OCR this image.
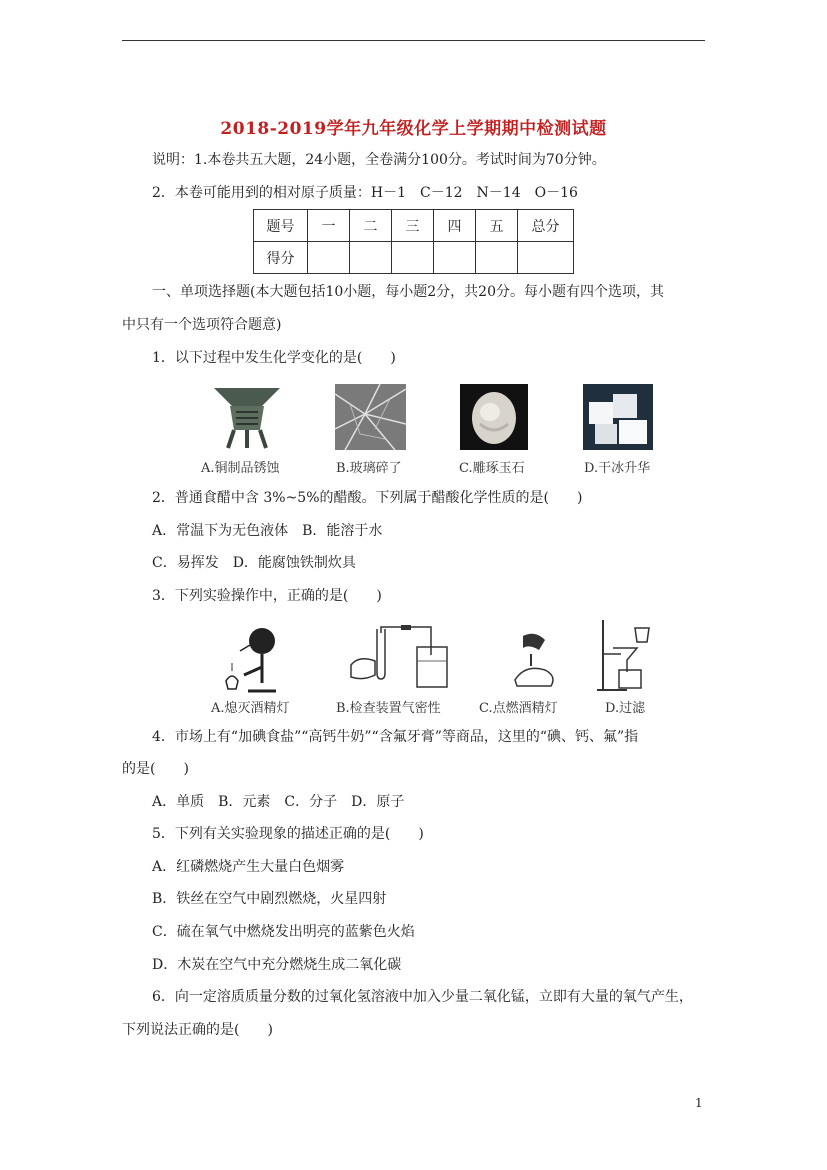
2018-2019学年九年级化学上学期期中检测试题
说明：1.本卷共五大题，24小题，全卷满分100分。考试时间为70分钟。
2．本卷可能用到的相对原子质量：H－1　C－12　N－14　O－16
题号	一	二	三	四	五	总分
得分						
一、单项选择题(本大题包括10小题，每小题2分，共20分。每小题有四个选项，其
中只有一个选项符合题意)
1．以下过程中发生化学变化的是(　　)
A.铜制品锈蚀	B.玻璃碎了	C.雕琢玉石	D.干冰升华
2．普通食醋中含 3%~5%的醋酸。下列属于醋酸化学性质的是(　　)
A．常温下为无色液体　B．能溶于水
C．易挥发　D．能腐蚀铁制炊具
3．下列实验操作中，正确的是(　　)
A.熄灭酒精灯	B.检查装置气密性	C.点燃酒精灯	D.过滤
4．市场上有“加碘食盐”“高钙牛奶”“含氟牙膏”等商品，这里的“碘、钙、氟”指
的是(　　)
A．单质　B．元素　C．分子　D．原子
5．下列有关实验现象的描述正确的是(　　)
A．红磷燃烧产生大量白色烟雾
B．铁丝在空气中剧烈燃烧，火星四射
C．硫在氧气中燃烧发出明亮的蓝紫色火焰
D．木炭在空气中充分燃烧生成二氧化碳
6．向一定溶质质量分数的过氧化氢溶液中加入少量二氧化锰，立即有大量的氧气产生，
下列说法正确的是(　　)
1
